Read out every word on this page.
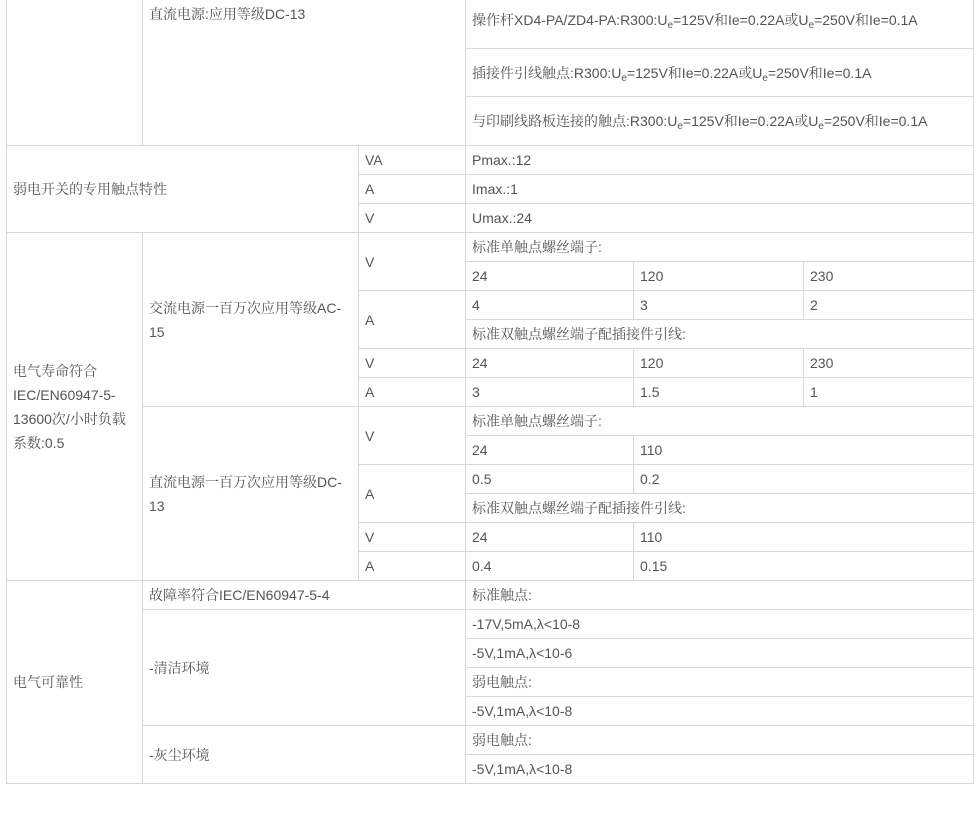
	直流电源:应用等级DC-13		操作杆$XD4-PA/ZD4-PA:R300:U_e=125V$和Ie=0.22A或$U_e=250V$和Ie=0.1A		
			插接件引线触点$:R300:U_e=125V$和Ie=0.22A或$U_e=250V$和Ie=0.1A		
			与印刷线路板连接的触点$:R300:U_e=125V$和Ie=0.22A或$U_e=250V$和Ie=0.1A		
弱电开关的专用触点特性		VA	Pmax.:12		
		A	Imax.:1		
		V	Umax.:24		
电气寿命符合IEC/EN60947-5-13600次/小时负载系数:0.5	交流电源一百万次应用等级AC-15	V	标准单触点螺丝端子:		
			24	120	230
		A	4	3	2
			标准双触点螺丝端子配插接件引线:		
		V	24	120	230
		A	3	1.5	1
	直流电源一百万次应用等级DC-13	V	标准单触点螺丝端子:		
			24	110	
		A	0.5	0.2	
			标准双触点螺丝端子配插接件引线:		
		V	24	110	
		A	0.4	0.15	
电气可靠性	故障率符合IEC/EN60947-5-4		标准触点:		
	-清洁环境		-17V,5mA,λ<10-8		
			-5V,1mA,λ<10-6		
			弱电触点:		
			-5V,1mA,λ<10-8		
	-灰尘环境		弱电触点:		
			-5V,1mA,λ<10-8		
